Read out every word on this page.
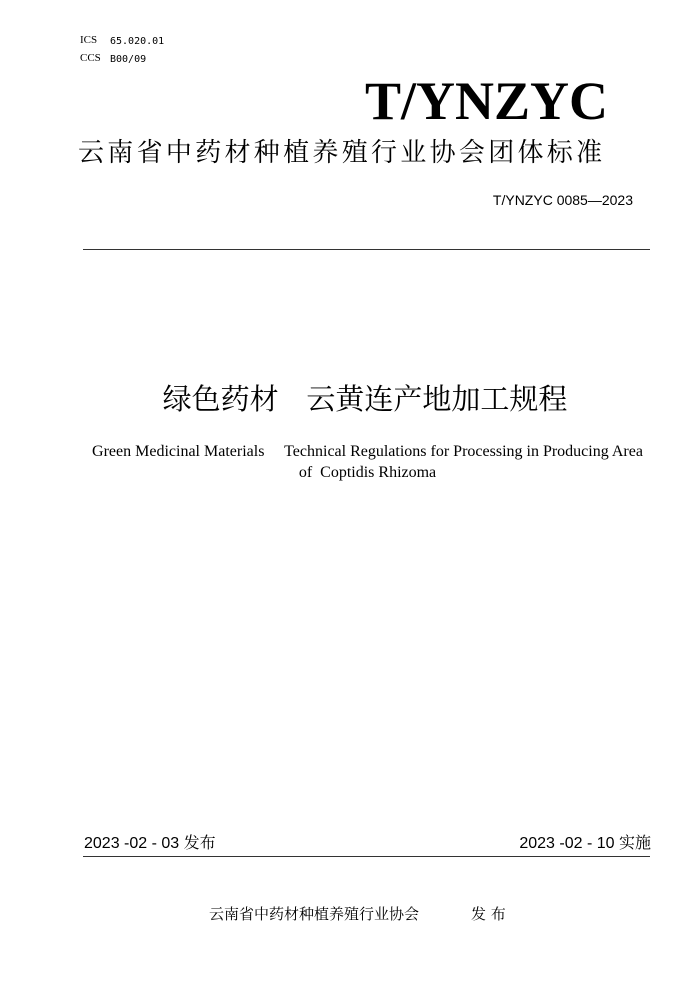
ICS 65.020.01
CCS B00/09
T/YNZYC
云南省中药材种植养殖行业协会团体标准
T/YNZYC 0085—2023
绿色药材   云黄连产地加工规程
Green Medicinal Materials     Technical Regulations for Processing in Producing Area of  Coptidis Rhizoma
2023 -02 - 03 发布	2023 -02 - 10 实施
云南省中药材种植养殖行业协会	发 布
